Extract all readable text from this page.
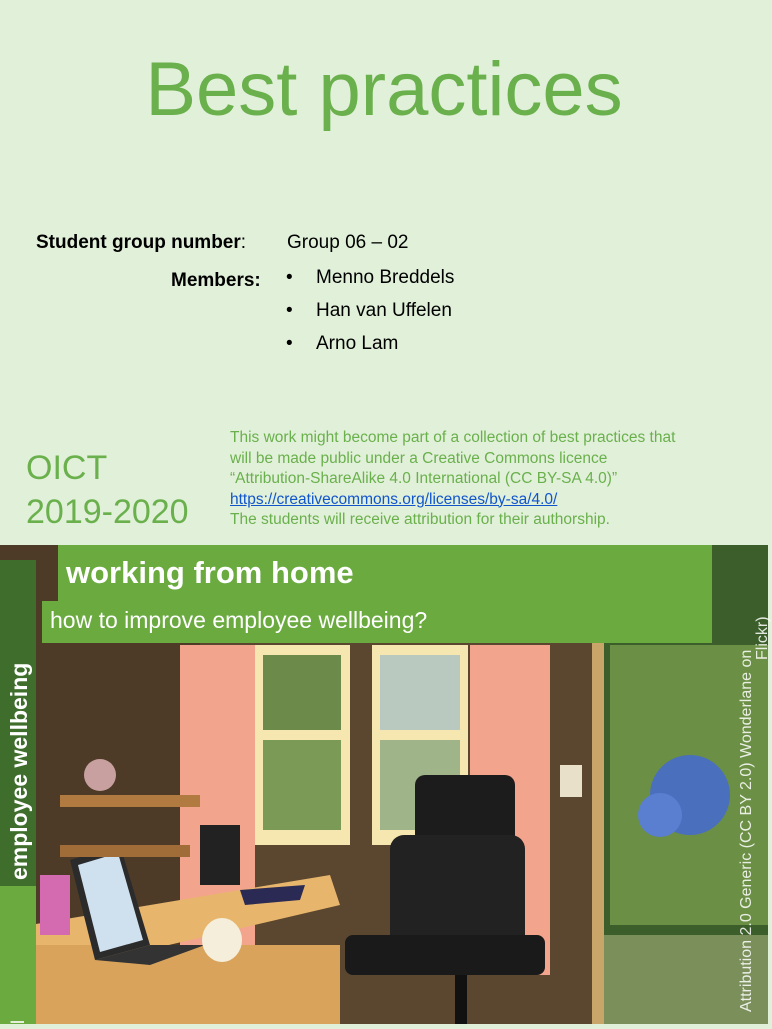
Best practices
Student group number: Group 06 – 02
Members: • Menno Breddels
• Han van Uffelen
• Arno Lam
OICT
2019-2020
This work might become part of a collection of best practices that
will be made public under a Creative Commons licence
“Attribution-ShareAlike 4.0 International (CC BY-SA 4.0)”
https://creativecommons.org/licenses/by-sa/4.0/
The students will receive attribution for their authorship.
employee wellbeing
l
working from home
how to improve employee wellbeing?
Attribution 2.0 Generic (CC BY 2.0) Wonderlane on
Flickr)
